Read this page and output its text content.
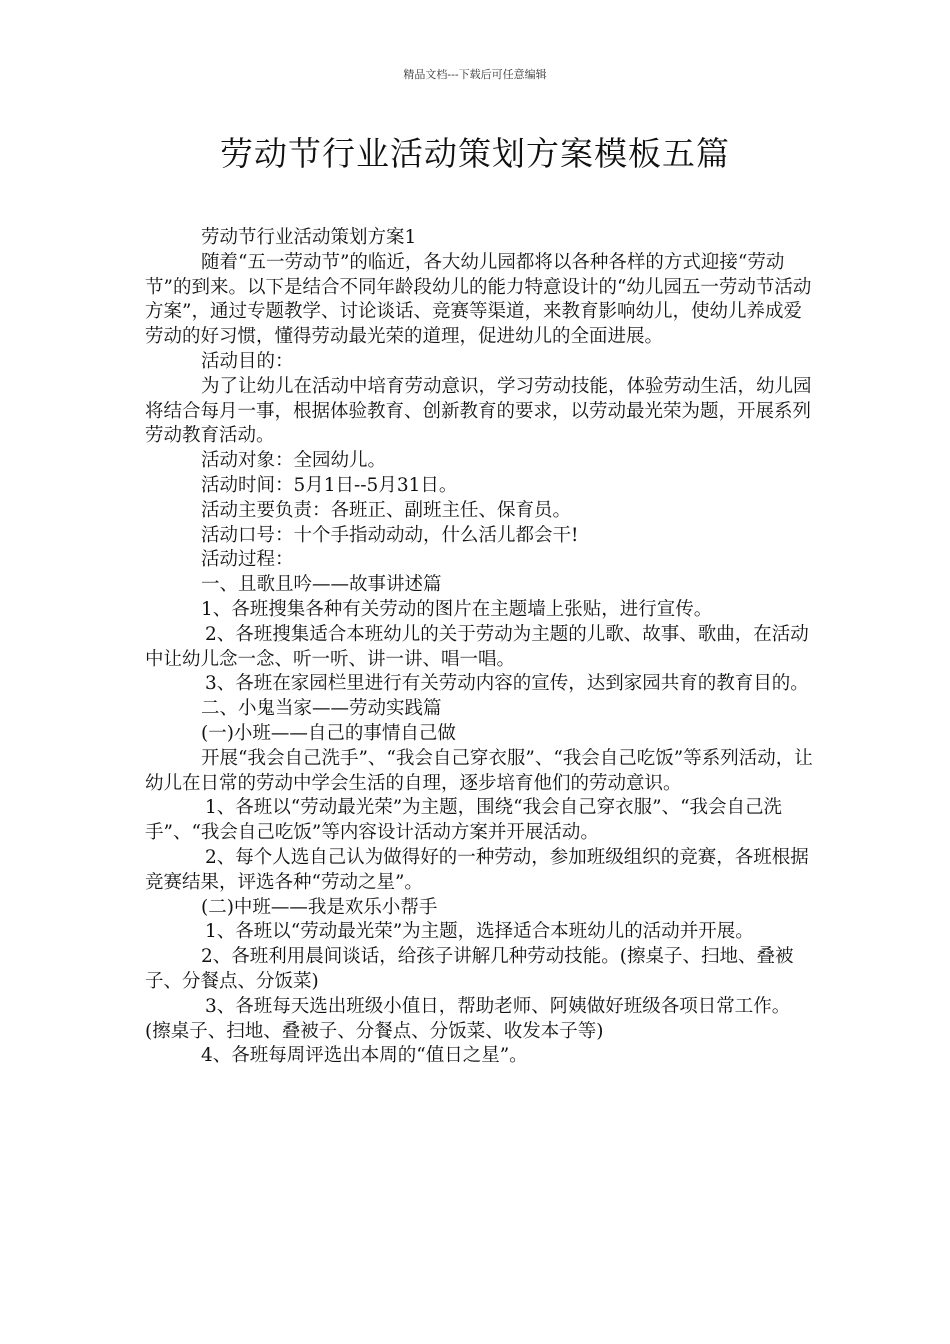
精品文档---下载后可任意编辑
劳动节行业活动策划方案模板五篇

劳动节行业活动策划方案1

随着“五一劳动节”的临近，各大幼儿园都将以各种各样的方式迎接“劳动节”的到来。以下是结合不同年龄段幼儿的能力特意设计的“幼儿园五一劳动节活动方案”，通过专题教学、讨论谈话、竞赛等渠道，来教育影响幼儿，使幼儿养成爱劳动的好习惯，懂得劳动最光荣的道理，促进幼儿的全面进展。

活动目的：

为了让幼儿在活动中培育劳动意识，学习劳动技能，体验劳动生活，幼儿园将结合每月一事，根据体验教育、创新教育的要求，以劳动最光荣为题，开展系列劳动教育活动。

活动对象：全园幼儿。

活动时间：5月1日--5月31日。

活动主要负责：各班正、副班主任、保育员。

活动口号：十个手指动动动，什么活儿都会干!

活动过程：

一、且歌且吟——故事讲述篇

1、各班搜集各种有关劳动的图片在主题墙上张贴，进行宣传。

2、各班搜集适合本班幼儿的关于劳动为主题的儿歌、故事、歌曲，在活动中让幼儿念一念、听一听、讲一讲、唱一唱。

3、各班在家园栏里进行有关劳动内容的宣传，达到家园共育的教育目的。

二、小鬼当家——劳动实践篇

(一)小班——自己的事情自己做

开展“我会自己洗手”、“我会自己穿衣服”、“我会自己吃饭”等系列活动，让幼儿在日常的劳动中学会生活的自理，逐步培育他们的劳动意识。

1、各班以“劳动最光荣”为主题，围绕“我会自己穿衣服”、“我会自己洗手”、“我会自己吃饭”等内容设计活动方案并开展活动。

2、每个人选自己认为做得好的一种劳动，参加班级组织的竞赛，各班根据竞赛结果，评选各种“劳动之星”。

(二)中班——我是欢乐小帮手

1、各班以“劳动最光荣”为主题，选择适合本班幼儿的活动并开展。

2、各班利用晨间谈话，给孩子讲解几种劳动技能。(擦桌子、扫地、叠被子、分餐点、分饭菜)

3、各班每天选出班级小值日，帮助老师、阿姨做好班级各项日常工作。(擦桌子、扫地、叠被子、分餐点、分饭菜、收发本子等)

4、各班每周评选出本周的“值日之星”。
